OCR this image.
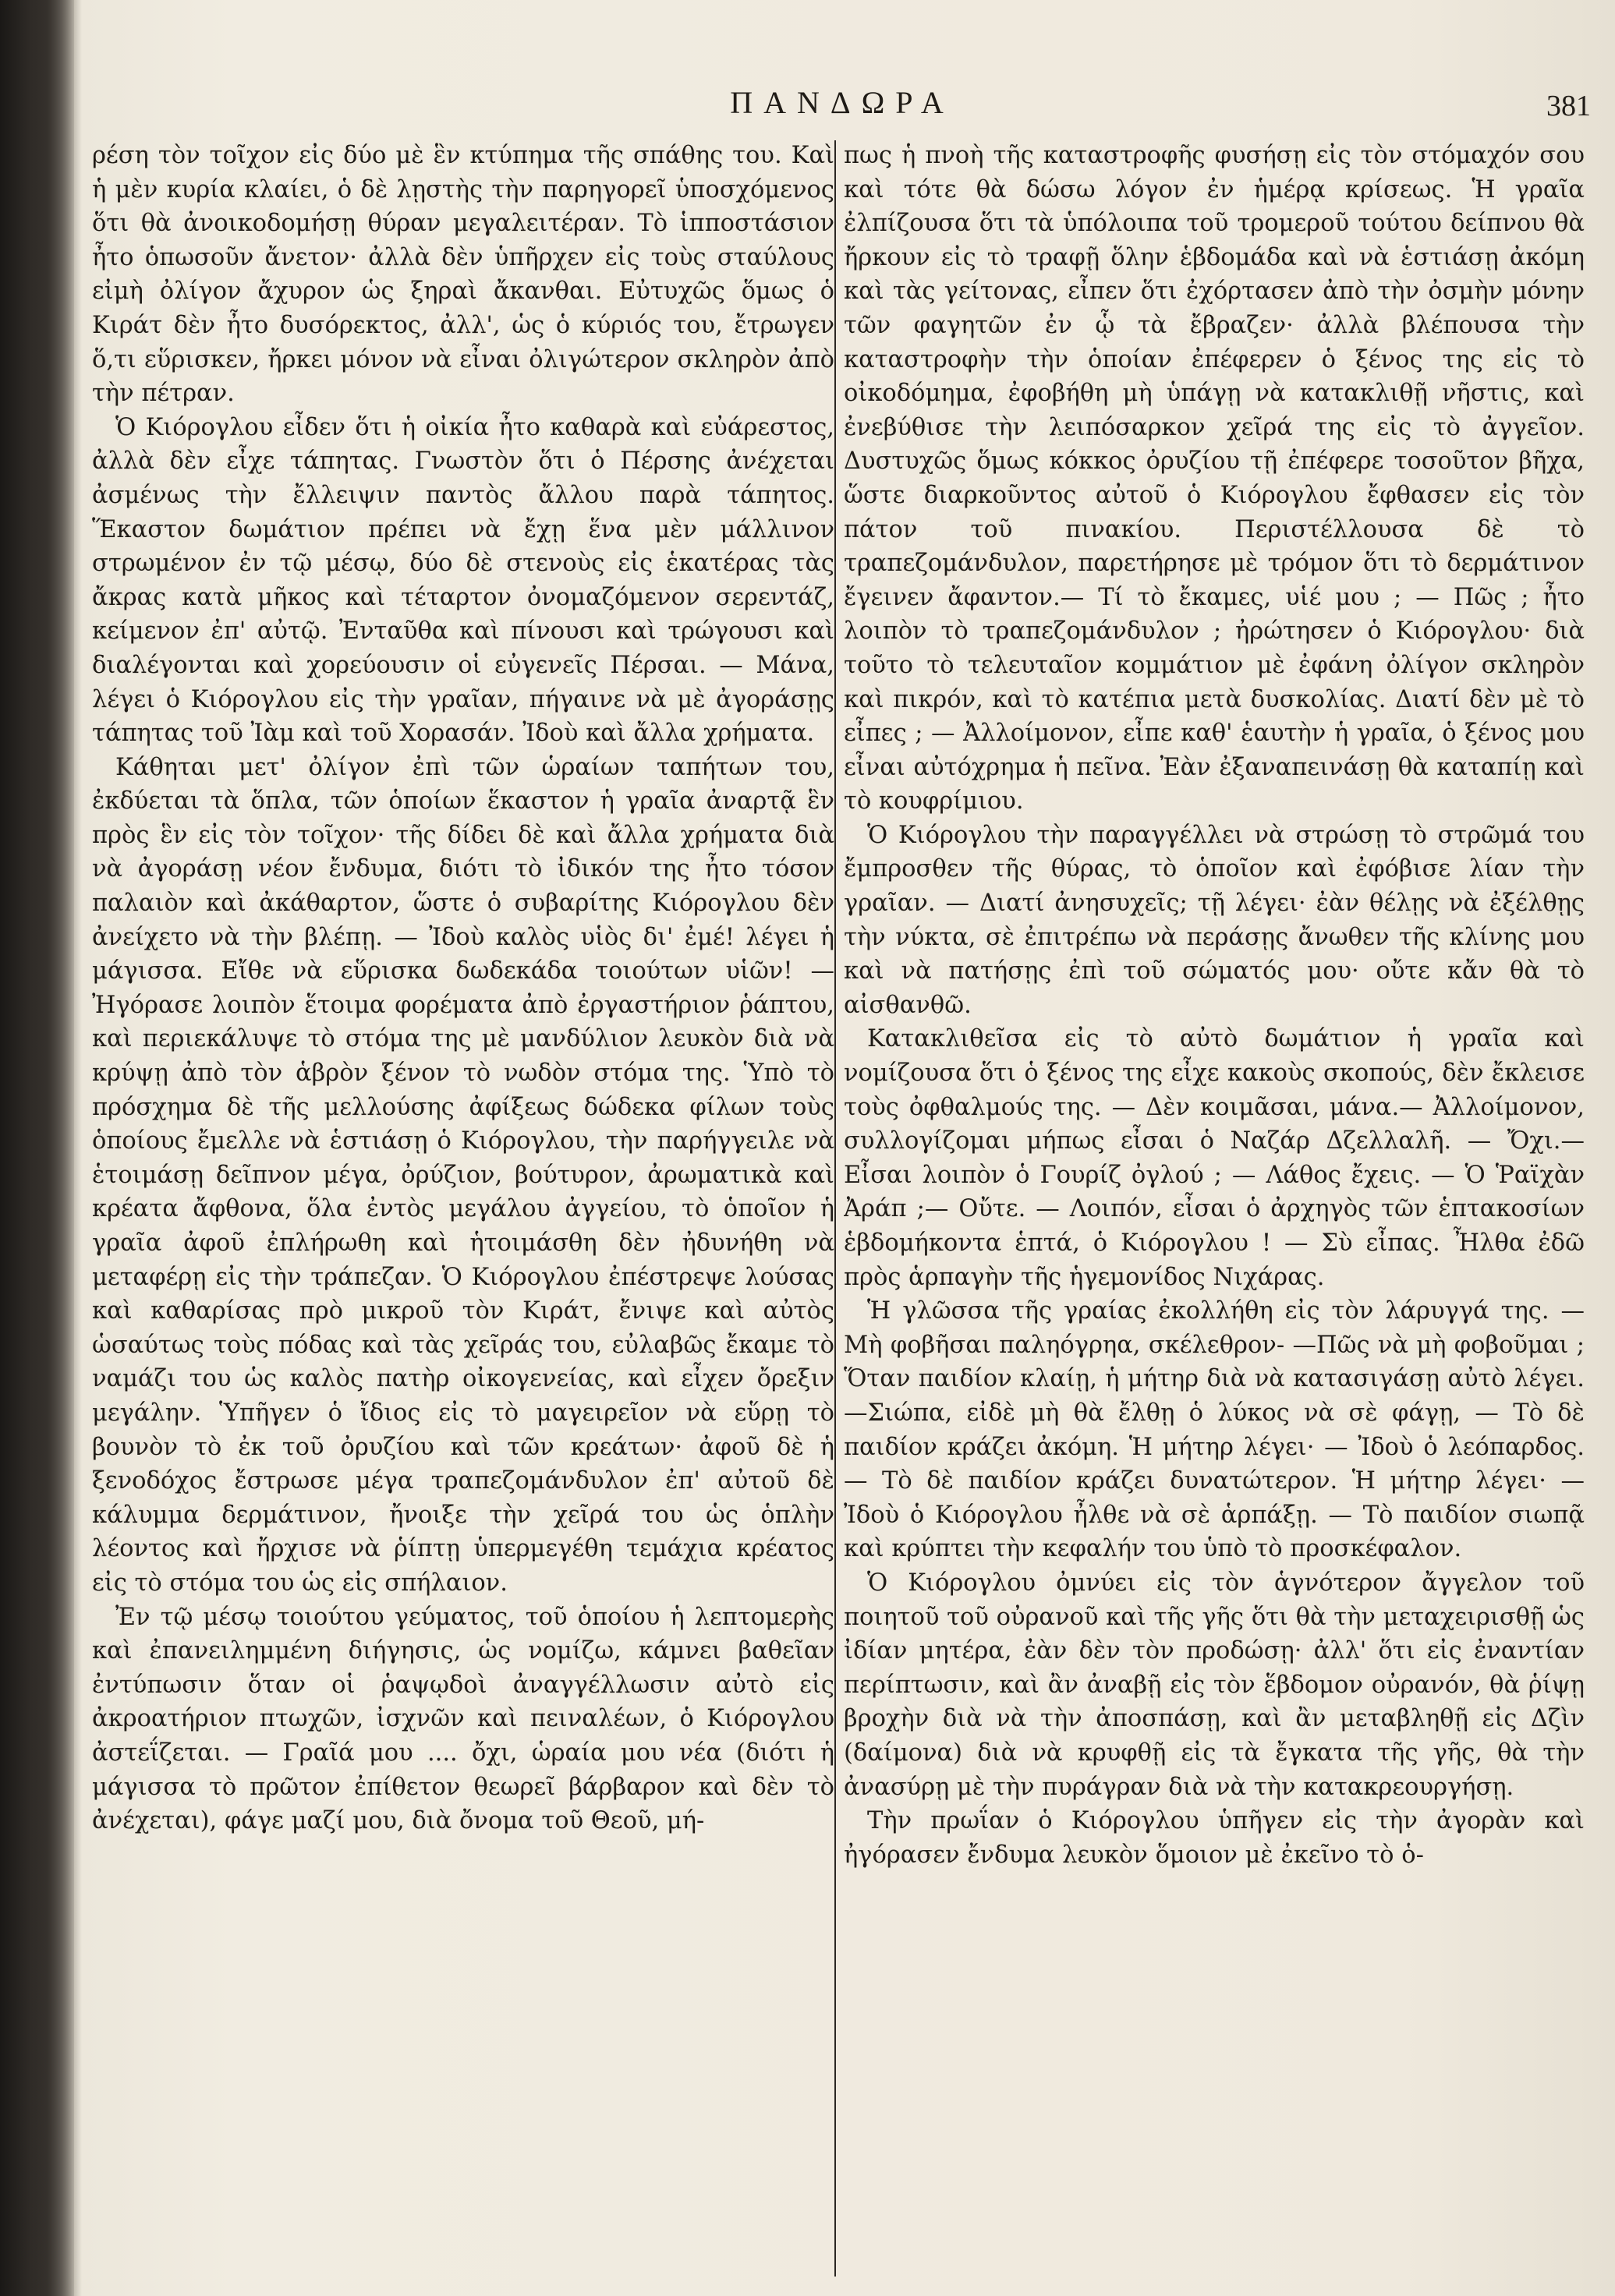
ΠΑΝΔΩΡΑ	381

ρέση τὸν τοῖχον εἰς δύο μὲ ἓν κτύπημα τῆς σπάθης του. Καὶ ἡ μὲν κυρία κλαίει, ὁ δὲ λῃστὴς τὴν παρηγορεῖ ὑποσχόμενος ὅτι θὰ ἀνοικοδομήσῃ θύραν μεγαλειτέραν. Τὸ ἱπποστάσιον ἦτο ὁπωσοῦν ἄνετον· ἀλλὰ δὲν ὑπῆρχεν εἰς τοὺς σταύλους εἰμὴ ὀλίγον ἄχυρον ὡς ξηραὶ ἄκανθαι. Εὐτυχῶς ὅμως ὁ Κιράτ δὲν ἦτο δυσόρεκτος, ἀλλ', ὡς ὁ κύριός του, ἔτρωγεν ὅ,τι εὕρισκεν, ἤρκει μόνον νὰ εἶναι ὀλιγώτερον σκληρὸν ἀπὸ τὴν πέτραν.

Ὁ Κιόρογλου εἶδεν ὅτι ἡ οἰκία ἦτο καθαρὰ καὶ εὐάρεστος, ἀλλὰ δὲν εἶχε τάπητας. Γνωστὸν ὅτι ὁ Πέρσης ἀνέχεται ἀσμένως τὴν ἔλλειψιν παντὸς ἄλλου παρὰ τάπητος. Ἕκαστον δωμάτιον πρέπει νὰ ἔχῃ ἕνα μὲν μάλλινον στρωμένον ἐν τῷ μέσῳ, δύο δὲ στενοὺς εἰς ἑκατέρας τὰς ἄκρας κατὰ μῆκος καὶ τέταρτον ὀνομαζόμενον σερεντάζ, κείμενον ἐπ' αὐτῷ. Ἐνταῦθα καὶ πίνουσι καὶ τρώγουσι καὶ διαλέγονται καὶ χορεύουσιν οἱ εὐγενεῖς Πέρσαι. — Μάνα, λέγει ὁ Κιόρογλου εἰς τὴν γραῖαν, πήγαινε νὰ μὲ ἀγοράσῃς τάπητας τοῦ Ἰὰμ καὶ τοῦ Χορασάν. Ἰδοὺ καὶ ἄλλα χρήματα.

Κάθηται μετ' ὀλίγον ἐπὶ τῶν ὡραίων ταπήτων του, ἐκδύεται τὰ ὅπλα, τῶν ὁποίων ἕκαστον ἡ γραῖα ἀναρτᾷ ἓν πρὸς ἓν εἰς τὸν τοῖχον· τῆς δίδει δὲ καὶ ἄλλα χρήματα διὰ νὰ ἀγοράσῃ νέον ἔνδυμα, διότι τὸ ἰδικόν της ἦτο τόσον παλαιὸν καὶ ἀκάθαρτον, ὥστε ὁ συβαρίτης Κιόρογλου δὲν ἀνείχετο νὰ τὴν βλέπῃ. — Ἰδοὺ καλὸς υἱὸς δι' ἐμέ! λέγει ἡ μάγισσα. Εἴθε νὰ εὕρισκα δωδεκάδα τοιούτων υἱῶν! — Ἠγόρασε λοιπὸν ἕτοιμα φορέματα ἀπὸ ἐργαστήριον ῥάπτου, καὶ περιεκάλυψε τὸ στόμα της μὲ μανδύλιον λευκὸν διὰ νὰ κρύψῃ ἀπὸ τὸν ἁβρὸν ξένον τὸ νωδὸν στόμα της. Ὑπὸ τὸ πρόσχημα δὲ τῆς μελλούσης ἀφίξεως δώδεκα φίλων τοὺς ὁποίους ἔμελλε νὰ ἑστιάσῃ ὁ Κιόρογλου, τὴν παρήγγειλε νὰ ἑτοιμάσῃ δεῖπνον μέγα, ὀρύζιον, βούτυρον, ἀρωματικὰ καὶ κρέατα ἄφθονα, ὅλα ἐντὸς μεγάλου ἀγγείου, τὸ ὁποῖον ἡ γραῖα ἀφοῦ ἐπλήρωθη καὶ ἡτοιμάσθη δὲν ἠδυνήθη νὰ μεταφέρῃ εἰς τὴν τράπεζαν. Ὁ Κιόρογλου ἐπέστρεψε λούσας καὶ καθαρίσας πρὸ μικροῦ τὸν Κιράτ, ἔνιψε καὶ αὐτὸς ὡσαύτως τοὺς πόδας καὶ τὰς χεῖράς του, εὐλαβῶς ἔκαμε τὸ ναμάζι του ὡς καλὸς πατὴρ οἰκογενείας, καὶ εἶχεν ὄρεξιν μεγάλην. Ὑπῆγεν ὁ ἴδιος εἰς τὸ μαγειρεῖον νὰ εὕρῃ τὸ βουνὸν τὸ ἐκ τοῦ ὀρυζίου καὶ τῶν κρεάτων· ἀφοῦ δὲ ἡ ξενοδόχος ἔστρωσε μέγα τραπεζομάνδυλον ἐπ' αὐτοῦ δὲ κάλυμμα δερμάτινον, ἤνοιξε τὴν χεῖρά του ὡς ὁπλὴν λέοντος καὶ ἤρχισε νὰ ῥίπτῃ ὑπερμεγέθη τεμάχια κρέατος εἰς τὸ στόμα του ὡς εἰς σπήλαιον.

Ἐν τῷ μέσῳ τοιούτου γεύματος, τοῦ ὁποίου ἡ λεπτομερὴς καὶ ἐπανειλημμένη διήγησις, ὡς νομίζω, κάμνει βαθεῖαν ἐντύπωσιν ὅταν οἱ ῥαψῳδοὶ ἀναγγέλλωσιν αὐτὸ εἰς ἀκροατήριον πτωχῶν, ἰσχνῶν καὶ πειναλέων, ὁ Κιόρογλου ἀστεΐζεται. — Γραῖά μου .... ὄχι, ὡραία μου νέα (διότι ἡ μάγισσα τὸ πρῶτον ἐπίθετον θεωρεῖ βάρβαρον καὶ δὲν τὸ ἀνέχεται), φάγε μαζί μου, διὰ ὄνομα τοῦ Θεοῦ, μή-

πως ἡ πνοὴ τῆς καταστροφῆς φυσήσῃ εἰς τὸν στόμαχόν σου καὶ τότε θὰ δώσω λόγον ἐν ἡμέρᾳ κρίσεως. Ἡ γραῖα ἐλπίζουσα ὅτι τὰ ὑπόλοιπα τοῦ τρομεροῦ τούτου δείπνου θὰ ἤρκουν εἰς τὸ τραφῇ ὅλην ἑβδομάδα καὶ νὰ ἑστιάσῃ ἀκόμη καὶ τὰς γείτονας, εἶπεν ὅτι ἐχόρτασεν ἀπὸ τὴν ὀσμὴν μόνην τῶν φαγητῶν ἐν ᾧ τὰ ἔβραζεν· ἀλλὰ βλέπουσα τὴν καταστροφὴν τὴν ὁποίαν ἐπέφερεν ὁ ξένος της εἰς τὸ οἰκοδόμημα, ἐφοβήθη μὴ ὑπάγῃ νὰ κατακλιθῇ νῆστις, καὶ ἐνεβύθισε τὴν λειπόσαρκον χεῖρά της εἰς τὸ ἀγγεῖον. Δυστυχῶς ὅμως κόκκος ὀρυζίου τῇ ἐπέφερε τοσοῦτον βῆχα, ὥστε διαρκοῦντος αὐτοῦ ὁ Κιόρογλου ἔφθασεν εἰς τὸν πάτον τοῦ πινακίου. Περιστέλλουσα δὲ τὸ τραπεζομάνδυλον, παρετήρησε μὲ τρόμον ὅτι τὸ δερμάτινον ἔγεινεν ἄφαντον.— Τί τὸ ἔκαμες, υἱέ μου ; — Πῶς ; ἦτο λοιπὸν τὸ τραπεζομάνδυλον ; ἠρώτησεν ὁ Κιόρογλου· διὰ τοῦτο τὸ τελευταῖον κομμάτιον μὲ ἐφάνη ὀλίγον σκληρὸν καὶ πικρόν, καὶ τὸ κατέπια μετὰ δυσκολίας. Διατί δὲν μὲ τὸ εἶπες ; — Ἀλλοίμονον, εἶπε καθ' ἑαυτὴν ἡ γραῖα, ὁ ξένος μου εἶναι αὐτόχρημα ἡ πεῖνα. Ἐὰν ἐξαναπεινάσῃ θὰ καταπίῃ καὶ τὸ κουφρίμιου.

Ὁ Κιόρογλου τὴν παραγγέλλει νὰ στρώσῃ τὸ στρῶμά του ἔμπροσθεν τῆς θύρας, τὸ ὁποῖον καὶ ἐφόβισε λίαν τὴν γραῖαν. — Διατί ἀνησυχεῖς; τῇ λέγει· ἐὰν θέλῃς νὰ ἐξέλθῃς τὴν νύκτα, σὲ ἐπιτρέπω νὰ περάσῃς ἄνωθεν τῆς κλίνης μου καὶ νὰ πατήσῃς ἐπὶ τοῦ σώματός μου· οὔτε κἄν θὰ τὸ αἰσθανθῶ.

Κατακλιθεῖσα εἰς τὸ αὐτὸ δωμάτιον ἡ γραῖα καὶ νομίζουσα ὅτι ὁ ξένος της εἶχε κακοὺς σκοπούς, δὲν ἔκλεισε τοὺς ὀφθαλμούς της. — Δὲν κοιμᾶσαι, μάνα.— Ἀλλοίμονον, συλλογίζομαι μήπως εἶσαι ὁ Ναζάρ Δζελλαλῆ. — Ὄχι.—Εἶσαι λοιπὸν ὁ Γουρίζ ὀγλού ; — Λάθος ἔχεις. — Ὁ Ῥαϊχὰν Ἀράπ ;— Οὔτε. — Λοιπόν, εἶσαι ὁ ἀρχηγὸς τῶν ἑπτακοσίων ἑβδομήκοντα ἑπτά, ὁ Κιόρογλου ! — Σὺ εἶπας. Ἦλθα ἐδῶ πρὸς ἁρπαγὴν τῆς ἡγεμονίδος Νιχάρας.

Ἡ γλῶσσα τῆς γραίας ἐκολλήθη εἰς τὸν λάρυγγά της. — Μὴ φοβῆσαι παληόγρηα, σκέλεθρον- —Πῶς νὰ μὴ φοβοῦμαι ; Ὅταν παιδίον κλαίῃ, ἡ μήτηρ διὰ νὰ κατασιγάσῃ αὐτὸ λέγει.—Σιώπα, εἰδὲ μὴ θὰ ἔλθῃ ὁ λύκος νὰ σὲ φάγῃ, — Τὸ δὲ παιδίον κράζει ἀκόμη. Ἡ μήτηρ λέγει· — Ἰδοὺ ὁ λεόπαρδος. — Τὸ δὲ παιδίον κράζει δυνατώτερον. Ἡ μήτηρ λέγει· — Ἰδοὺ ὁ Κιόρογλου ἦλθε νὰ σὲ ἁρπάξῃ. — Τὸ παιδίον σιωπᾷ καὶ κρύπτει τὴν κεφαλήν του ὑπὸ τὸ προσκέφαλον.

Ὁ Κιόρογλου ὀμνύει εἰς τὸν ἁγνότερον ἄγγελον τοῦ ποιητοῦ τοῦ οὐρανοῦ καὶ τῆς γῆς ὅτι θὰ τὴν μεταχειρισθῇ ὡς ἰδίαν μητέρα, ἐὰν δὲν τὸν προδώσῃ· ἀλλ' ὅτι εἰς ἐναντίαν περίπτωσιν, καὶ ἂν ἀναβῇ εἰς τὸν ἕβδομον οὐρανόν, θὰ ῥίψῃ βροχὴν διὰ νὰ τὴν ἀποσπάσῃ, καὶ ἂν μεταβληθῇ εἰς Δζὶν (δαίμονα) διὰ νὰ κρυφθῇ εἰς τὰ ἔγκατα τῆς γῆς, θὰ τὴν ἀνασύρῃ μὲ τὴν πυράγραν διὰ νὰ τὴν κατακρεουργήσῃ.

Τὴν πρωΐαν ὁ Κιόρογλου ὑπῆγεν εἰς τὴν ἀγορὰν καὶ ἠγόρασεν ἔνδυμα λευκὸν ὅμοιον μὲ ἐκεῖνο τὸ ὁ-
